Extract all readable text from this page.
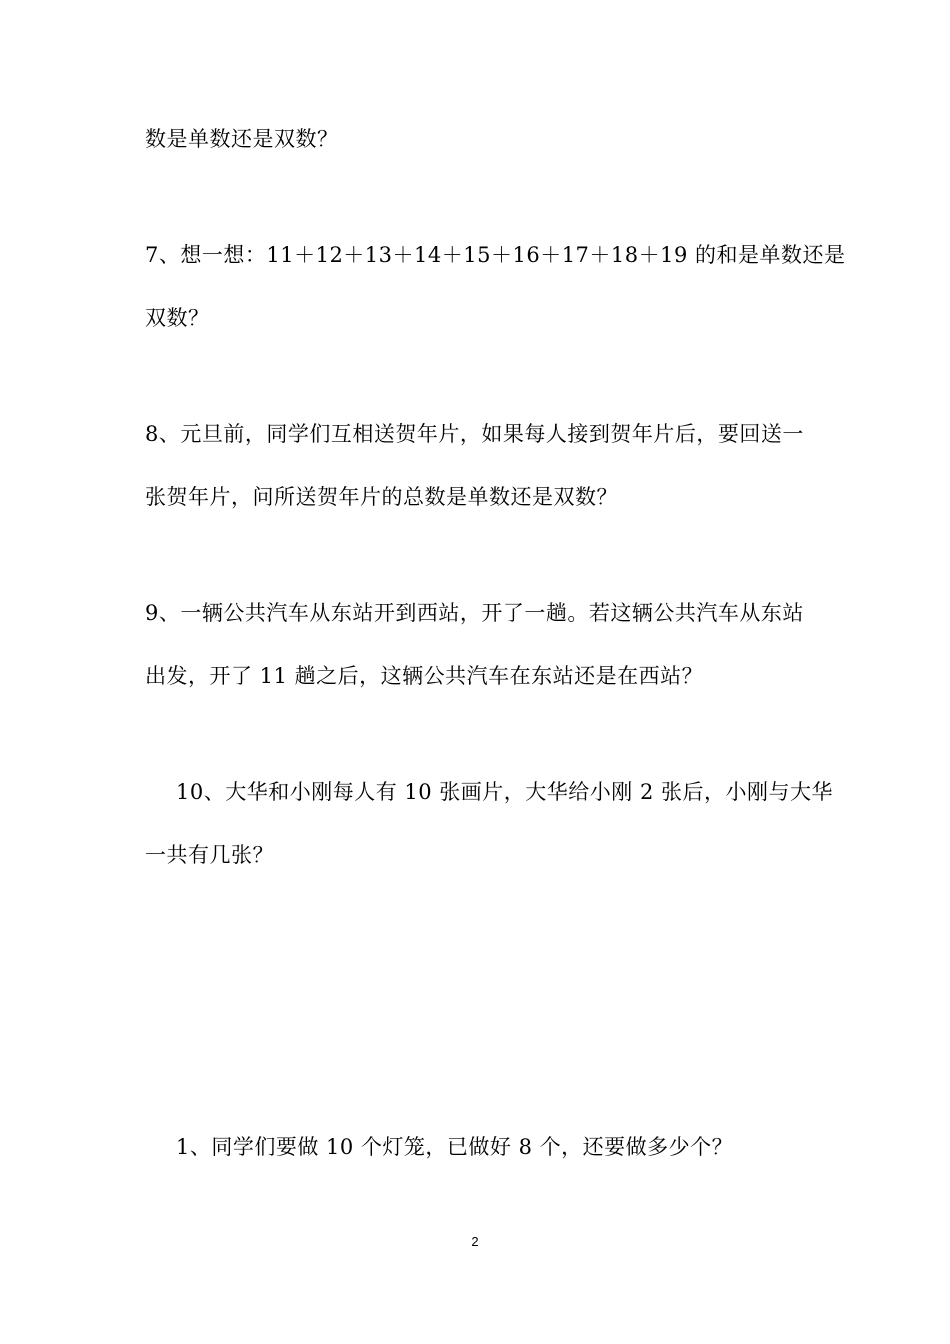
数是单数还是双数？
7、想一想：11＋12＋13＋14＋15＋16＋17＋18＋19 的和是单数还是
双数？
8、元旦前，同学们互相送贺年片，如果每人接到贺年片后，要回送一
张贺年片，问所送贺年片的总数是单数还是双数？
9、一辆公共汽车从东站开到西站，开了一趟。若这辆公共汽车从东站
出发，开了 11 趟之后，这辆公共汽车在东站还是在西站？
10、大华和小刚每人有 10 张画片，大华给小刚 2 张后，小刚与大华
一共有几张？
1、同学们要做 10 个灯笼，已做好 8 个，还要做多少个？
2
